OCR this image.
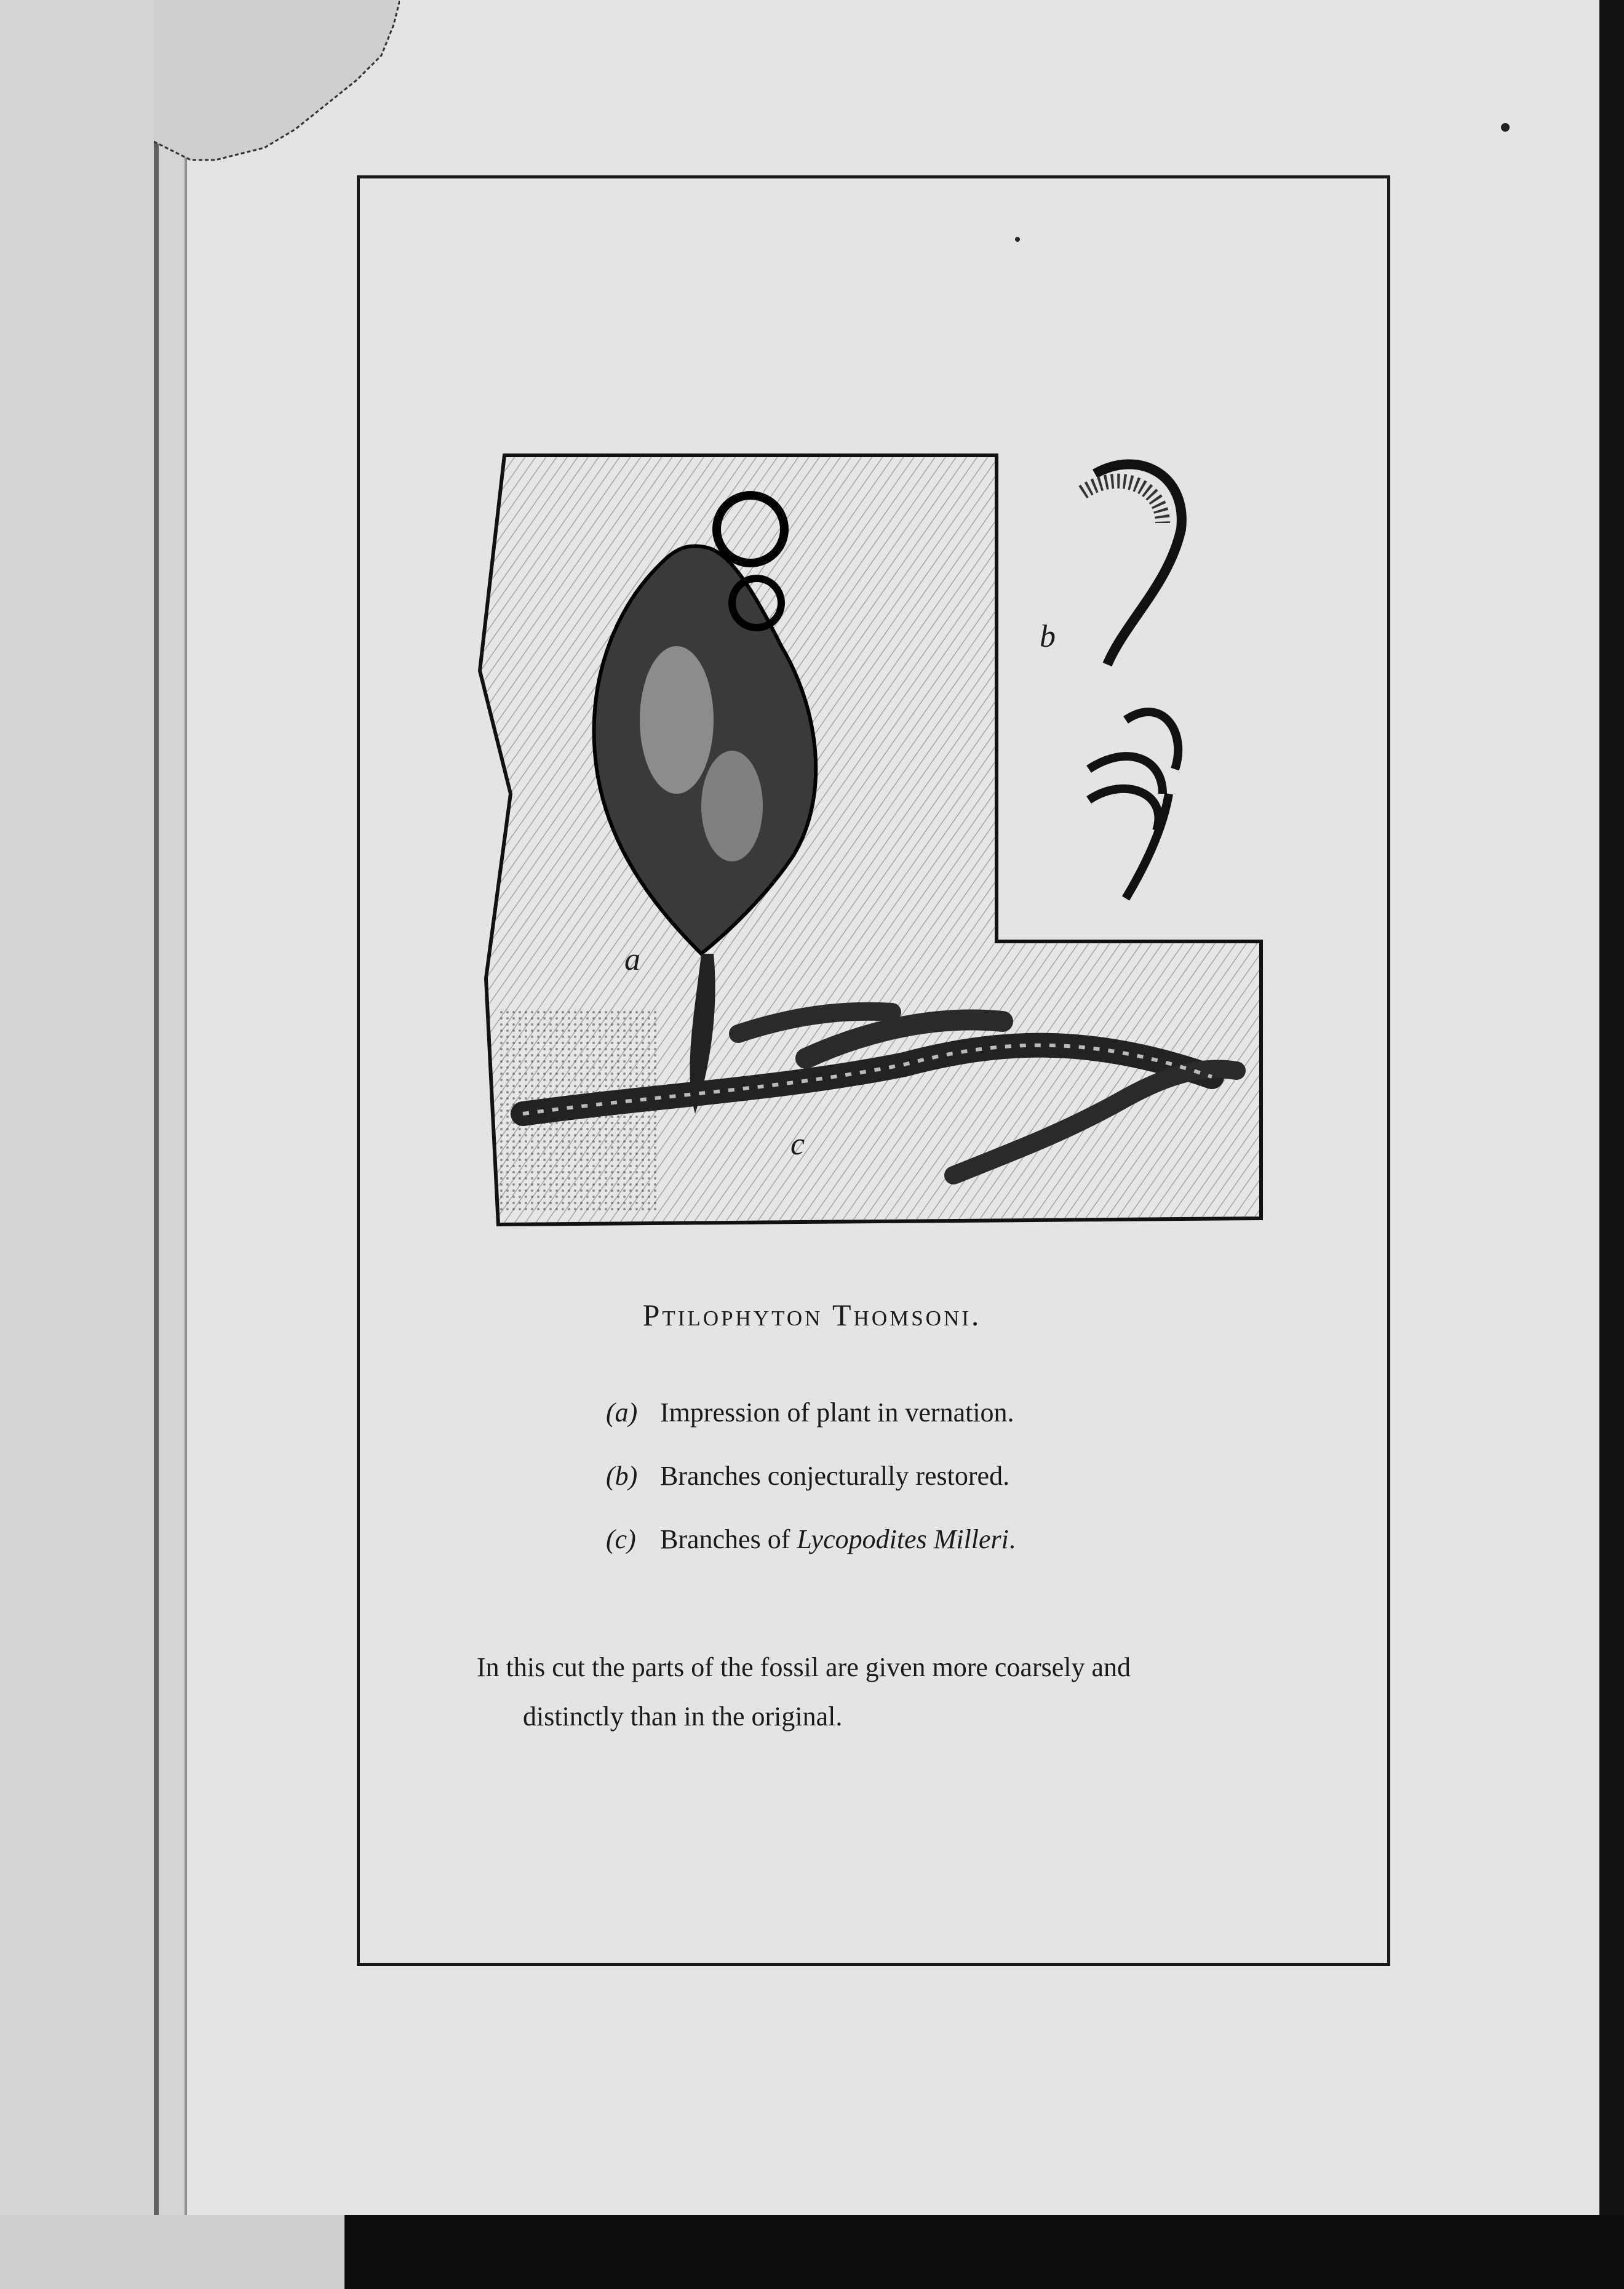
a
b
c
Ptilophyton Thomsoni.
(a) Impression of plant in vernation.
(b) Branches conjecturally restored.
(c) Branches of Lycopodites Milleri.
In this cut the parts of the fossil are given more coarsely and
distinctly than in the original.
